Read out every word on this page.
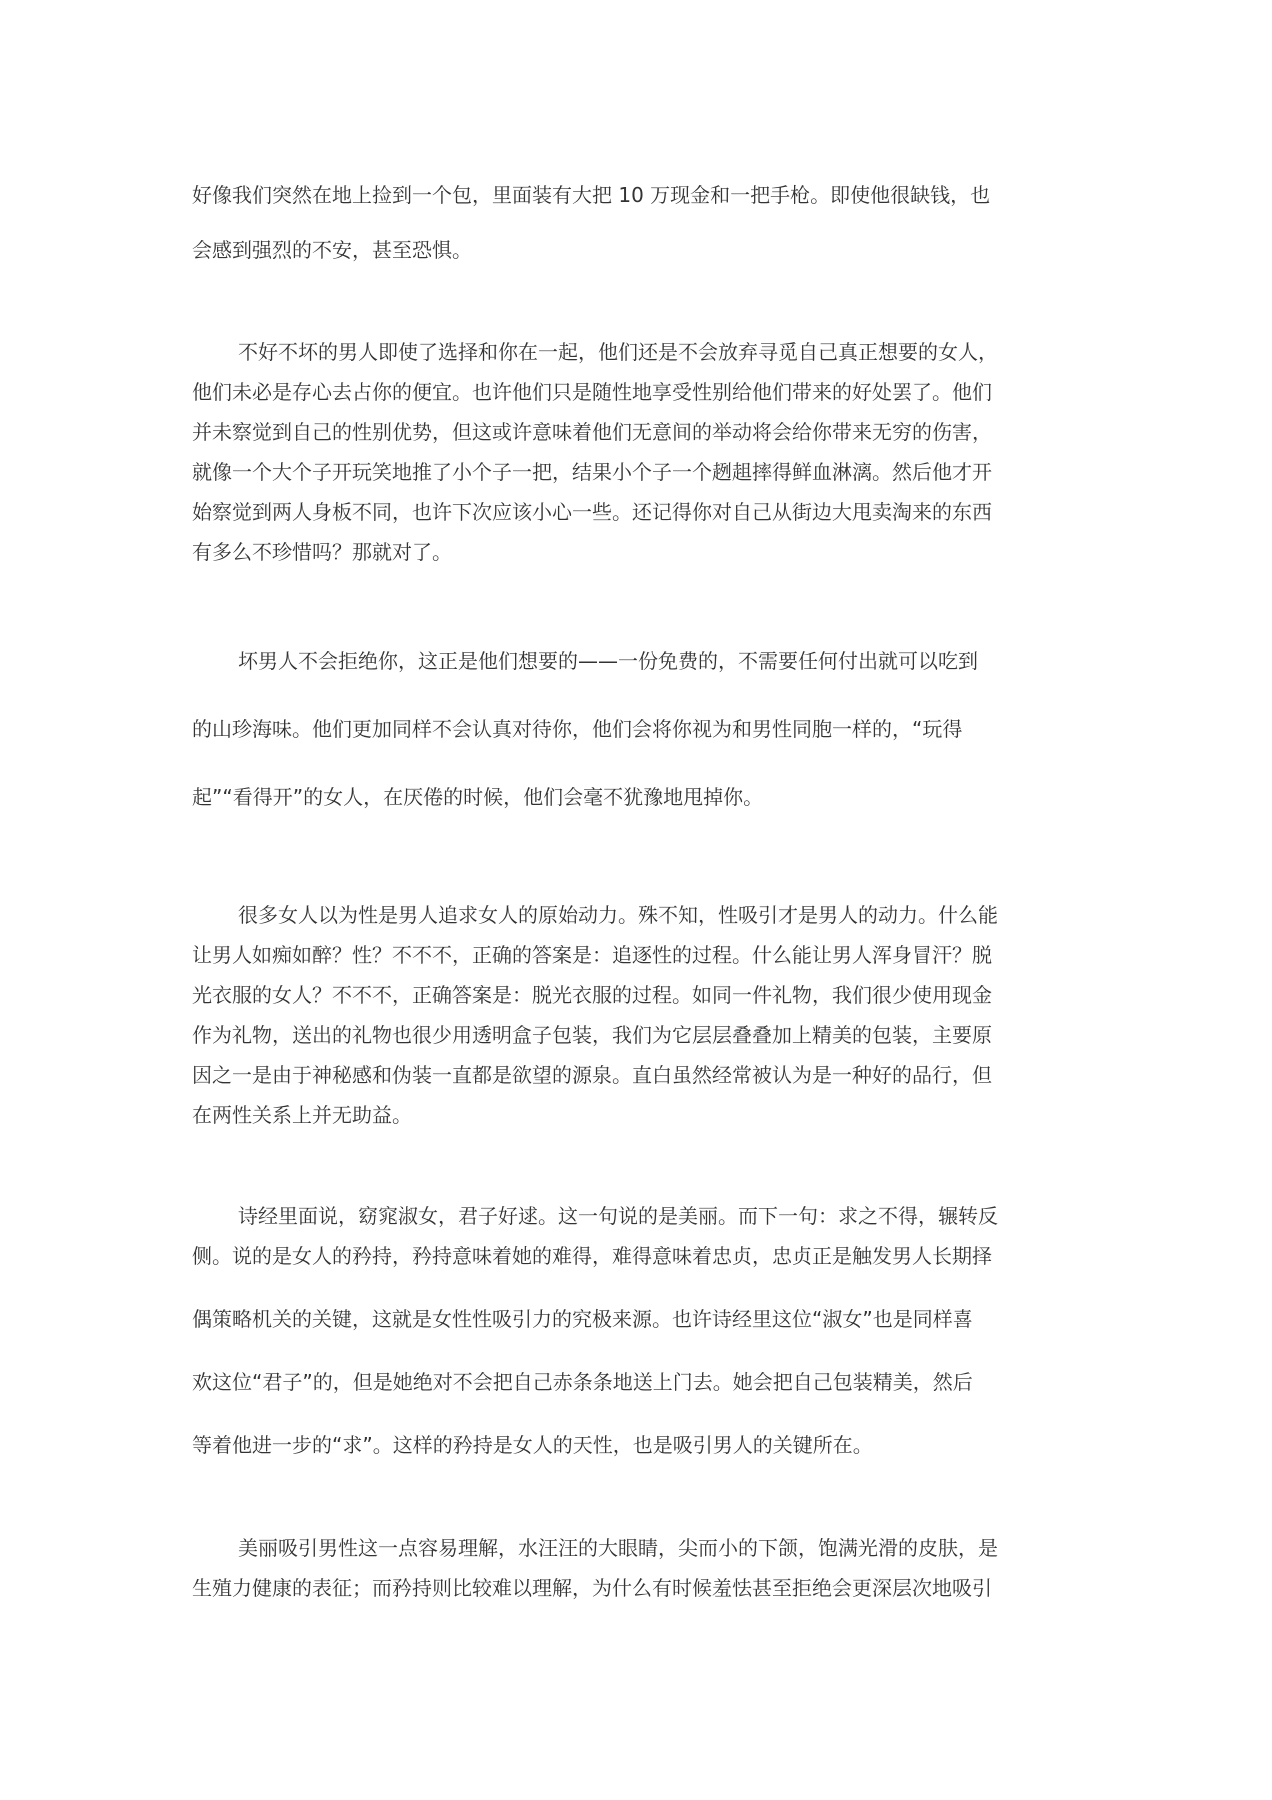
好像我们突然在地上捡到一个包，里面装有大把 10 万现金和一把手枪。即使他很缺钱，也
会感到强烈的不安，甚至恐惧。
不好不坏的男人即使了选择和你在一起，他们还是不会放弃寻觅自己真正想要的女人，
他们未必是存心去占你的便宜。也许他们只是随性地享受性别给他们带来的好处罢了。他们
并未察觉到自己的性别优势，但这或许意味着他们无意间的举动将会给你带来无穷的伤害，
就像一个大个子开玩笑地推了小个子一把，结果小个子一个趔趄摔得鲜血淋漓。然后他才开
始察觉到两人身板不同，也许下次应该小心一些。还记得你对自己从街边大甩卖淘来的东西
有多么不珍惜吗？那就对了。
坏男人不会拒绝你，这正是他们想要的——一份免费的，不需要任何付出就可以吃到
的山珍海味。他们更加同样不会认真对待你，他们会将你视为和男性同胞一样的，“玩得
起”“看得开”的女人，在厌倦的时候，他们会毫不犹豫地甩掉你。
很多女人以为性是男人追求女人的原始动力。殊不知，性吸引才是男人的动力。什么能
让男人如痴如醉？性？不不不，正确的答案是：追逐性的过程。什么能让男人浑身冒汗？脱
光衣服的女人？不不不，正确答案是：脱光衣服的过程。如同一件礼物，我们很少使用现金
作为礼物，送出的礼物也很少用透明盒子包装，我们为它层层叠叠加上精美的包装，主要原
因之一是由于神秘感和伪装一直都是欲望的源泉。直白虽然经常被认为是一种好的品行，但
在两性关系上并无助益。
诗经里面说，窈窕淑女，君子好逑。这一句说的是美丽。而下一句：求之不得，辗转反
侧。说的是女人的矜持，矜持意味着她的难得，难得意味着忠贞，忠贞正是触发男人长期择
偶策略机关的关键，这就是女性性吸引力的究极来源。也许诗经里这位“淑女”也是同样喜
欢这位“君子”的，但是她绝对不会把自己赤条条地送上门去。她会把自己包装精美，然后
等着他进一步的“求”。这样的矜持是女人的天性，也是吸引男人的关键所在。
美丽吸引男性这一点容易理解，水汪汪的大眼睛，尖而小的下颌，饱满光滑的皮肤，是
生殖力健康的表征；而矜持则比较难以理解，为什么有时候羞怯甚至拒绝会更深层次地吸引
